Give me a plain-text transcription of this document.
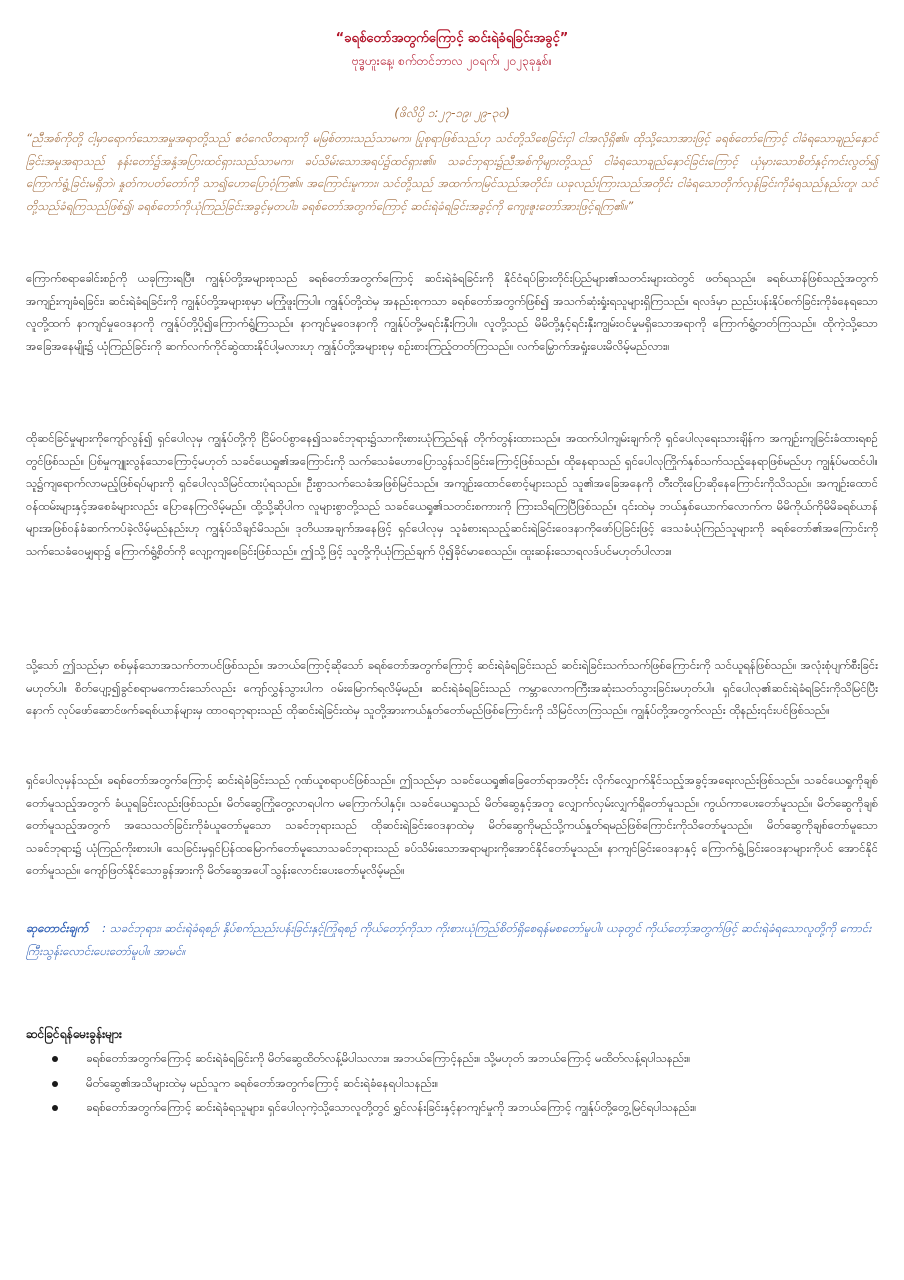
“ခရစ်တော်အတွက်ကြောင့် ဆင်းရဲခံရခြင်းအခွင့်”
ဗုဒ္ဓဟူးနေ့၊ စက်တင်ဘာလ ၂၀ရက်၊ ၂၀၂၃ခုနှစ်။
(ဖိလိပ္ပိ ၁:၂၇-၁၉၊ ၂၉-၃၀)
“ညီအစ်ကိုတို့ ငါ့မှာရောက်သောအမှုအရာတို့သည် ဧဝံဂေလိတရားကို မမြစ်တားသည်သာမက၊ ပြုစုရာဖြစ်သည်ဟု သင်တို့သိစေခြင်းငှါ ငါအလိုရှိ၏။ ထိုသို့သောအားဖြင့် ခရစ်တော်ကြောင့် ငါခံရသောချည်နှောင်ခြင်းအမှုအရာသည် နန်းတော်၌အနှံ့အပြားထင်ရှားသည်သာမက၊ ခပ်သိမ်းသောအရပ်၌ထင်ရှား၏။ သခင်ဘုရား၌ညီအစ်ကိုများတို့သည် ငါခံရသောချည်နှောင်ခြင်းကြောင့် ယုံမှားသောစိတ်နှင့်ကင်းလွတ်၍ ကြောက်ရွံ့ခြင်းမရှိဘဲ၊ နှုတ်ကပတ်တော်ကို သာ၍ဟောပြောဝံ့ကြ၏။ အကြောင်းမူကား၊ သင်တို့သည် အထက်ကမြင်သည်အတိုင်း၊ ယခုလည်းကြားသည်အတိုင်း ငါခံရသောတိုက်လှန်ခြင်းကိုခံရသည်နည်းတူ၊ သင်တို့သည်ခံရကြသည်ဖြစ်၍၊ ခရစ်တော်ကိုယုံကြည်ခြင်းအခွင့်မှတပါး၊ ခရစ်တော်အတွက်ကြောင့် ဆင်းရဲခံရခြင်းအခွင့်ကို ကျေးဇူးတော်အားဖြင့်ရကြ၏။”
ကြောက်စရာခေါင်းစဉ်ကို ယခုကြားရပြီ။ ကျွန်ုပ်တို့အများစုသည် ခရစ်တော်အတွက်ကြောင့် ဆင်းရဲခံရခြင်းကို နိုင်ငံရပ်ခြားတိုင်းပြည်များ၏သတင်းများထဲတွင် ဖတ်ရသည်။ ခရစ်ယာန်ဖြစ်သည့်အတွက် အကျဉ်းကျခံရခြင်း၊ ဆင်းရဲခံရခြင်းကို ကျွန်ုပ်တို့အများစုမှာ မကြုံဖူးကြပါ။ ကျွန်ုပ်တို့ထဲမှ အနည်းစုကသာ ခရစ်တော်အတွက်ဖြစ်၍ အသက်ဆုံးရှုံးရသူများရှိကြသည်။ ရလဒ်မှာ ညည်းပန်းနိုပ်စက်ခြင်းကိုခံနေရသောလူတို့ထက် နာကျင်မှုဝေဒနာကို ကျွန်ုပ်တို့ပို၍ကြောက်ရွံ့ကြသည်။ နာကျင်မှုဝေဒနာကို ကျွန်ုပ်တို့မရင်းနှီးကြပါ။ လူတို့သည် မိမိတို့နှင့်ရင်းနှီးကျွမ်းဝင်မှုမရှိသောအရာကို ကြောက်ရွံ့တတ်ကြသည်။ ထိုကဲ့သို့သောအခြေအနေမျိုး၌ ယုံကြည်ခြင်းကို ဆက်လက်ကိုင်ဆွဲထားနိုင်ပါ့မလားဟု ကျွန်ုပ်တို့အများစုမှ စဉ်းစားကြည့်တတ်ကြသည်။ လက်မြှောက်အရှုံးပေးမိလိမ့်မည်လား။
ထိုဆင်ခြင်မှုများကိုကျော်လွန်၍ ရှင်ပေါလုမှ ကျွန်ုပ်တို့ကို ငြိမ်ဝပ်စွာနေ၍သခင်ဘုရား၌သာကိုးစားယုံကြည်ရန် တိုက်တွန်းထားသည်။ အထက်ပါကျမ်းချက်ကို ရှင်ပေါလုရေးသားချိန်က အကျဉ်းကျခြင်းခံထားရစဉ်တွင်ဖြစ်သည်။ ပြစ်မှုကျူးလွန်သောကြောင့်မဟုတ် သခင်ယေရှု၏အကြောင်းကို သက်သေခံဟောပြောသွန်သင်ခြင်းကြောင့်ဖြစ်သည်။ ထိုနေရာသည် ရှင်ပေါလုကြိုက်နှစ်သက်သည့်နေရာဖြစ်မည်ဟု ကျွန်ုပ်မထင်ပါ။ သူ၌ကျရောက်လာမည့်ဖြစ်ရပ်များကို ရှင်ပေါလုသိမြင်ထားပုံရသည်။ ဦးစွာသက်သေခံအဖြစ်မြင်သည်။ အကျဉ်းထောင်စောင့်များသည် သူ၏အခြေအနေကို တီးတိုးပြောဆိုနေကြောင်းကိုသိသည်။ အကျဉ်းထောင်ဝန်ထမ်းများနှင့်အစေခံများလည်း ပြောနေကြလိမ့်မည်။ ထို့သို့ဆိုပါက လူများစွာတို့သည် သခင်ယေရှု၏သတင်းစကားကို ကြားသိရကြပြီဖြစ်သည်။ ၎င်းထဲမှ ဘယ်နှစ်ယောက်လောက်က မိမိကိုယ်ကိုမိမိခရစ်ယာန်များအဖြစ်ဝန်ခံဆက်ကပ်ခဲ့လိမ့်မည်နည်းဟု ကျွန်ုပ်သိချင်မိသည်။ ဒုတိယအချက်အနေဖြင့် ရှင်ပေါလုမှ သူခံစားရသည့်ဆင်းရဲခြင်းဝေဒနာကိုဖော်ပြခြင်းဖြင့် ဒေသခံယုံကြည်သူများကို ခရစ်တော်၏အကြောင်းကိုသက်သေခံဝေမျှရာ၌ ကြောက်ရွံ့စိတ်ကို လျော့ကျစေခြင်းဖြစ်သည်။ ဤသို့ဖြင့် သူတို့ကိုယုံကြည်ချက် ပို၍ခိုင်မာစေသည်။ ထူးဆန်းသောရလဒ်ပင်မဟုတ်ပါလား။
သို့သော် ဤသည်မှာ စစ်မှန်သောအသက်တာပင်ဖြစ်သည်။ အဘယ်ကြောင့်ဆိုသော် ခရစ်တော်အတွက်ကြောင့် ဆင်းရဲခံရခြင်းသည် ဆင်းရဲခြင်းသက်သက်ဖြစ်ကြောင်းကို သင်ယူရန်ဖြစ်သည်။ အလုံးစုံပျက်စီးခြင်းမဟုတ်ပါ။ စိတ်ပျော့၍ခွင်စရာမကောင်းသော်လည်း ကျော်လွှန်သွားပါက ဝမ်းမြောက်ရလိမ့်မည်။ ဆင်းရဲခံရခြင်းသည် ကမ္ဘာလောကကြီးအဆုံးသတ်သွားခြင်းမဟုတ်ပါ။ ရှင်ပေါလု၏ဆင်းရဲခံရခြင်းကိုသိမြင်ပြီးနောက် လုပ်ဖော်ဆောင်ဖက်ခရစ်ယာန်များမှ ထာဝရဘုရားသည် ထိုဆင်းရဲခြင်းထဲမှ သူတို့အားကယ်နှုတ်တော်မည်ဖြစ်ကြောင်းကို သိမြင်လာကြသည်။ ကျွန်ုပ်တို့အတွက်လည်း ထိုနည်း၎င်းပင်ဖြစ်သည်။
ရှင်ပေါလုမှန်သည်။ ခရစ်တော်အတွက်ကြောင့် ဆင်းရဲခံခြင်းသည် ဂုဏ်ယူစရာပင်ဖြစ်သည်။ ဤသည်မှာ သခင်ယေရှု၏ခြေတော်ရာအတိုင်း လိုက်လျှောက်နိုင်သည့်အခွင့်အရေးလည်းဖြစ်သည်။ သခင်ယေရှုကိုချစ်တော်မူသည့်အတွက် ခံယူရခြင်းလည်းဖြစ်သည်။ မိတ်ဆွေကြုံတွေ့လာရပါက မကြောက်ပါနှင့်။ သခင်ယေရှုသည် မိတ်ဆွေနှင့်အတူ လျှောက်လှမ်းလျှက်ရှိတော်မူသည်။ ကွယ်ကာပေးတော်မူသည်။ မိတ်ဆွေကိုချစ်တော်မူသည့်အတွက် အသေသတ်ခြင်းကိုခံယူတော်မူသော သခင်ဘုရားသည် ထိုဆင်းရဲခြင်းဝေဒနာထဲမှ မိတ်ဆွေကိုမည်သို့ကယ်နှုတ်ရမည်ဖြစ်ကြောင်းကိုသိတော်မူသည်။ မိတ်ဆွေကိုချစ်တော်မူသော သခင်ဘုရား၌ ယုံကြည်ကိုးစားပါ။ သေခြင်းမှရှင်ပြန်ထမြောက်တော်မူသောသခင်ဘုရားသည် ခပ်သိမ်းသောအရာများကိုအောင်နိုင်တော်မူသည်။ နာကျင်ခြင်းဝေဒနာနှင့် ကြောက်ရွံ့ခြင်းဝေဒနာများကိုပင် အောင်နိုင်တော်မူသည်။ ကျော်ဖြတ်နိုင်သောခွန်အားကို မိတ်ဆွေအပေါ်သွန်းလောင်းပေးတော်မူလိမ့်မည်။
ဆုတောင်းချက် : သခင်ဘုရား၊ ဆင်းရဲခံရစဉ်၊ နှိပ်စက်ညည်းပန်းခြင်းနှင့်ကြုံရစဉ် ကိုယ်တော့်ကိုသာ ကိုးစားယုံကြည်စိတ်ရှိစေရန်မစတော်မူပါ။ ယခုတွင် ကိုယ်တော့်အတွက်ဖြင့် ဆင်းရဲခံရသောလူတို့ကို ကောင်းကြီးသွန်းလောင်းပေးတော်မူပါ။ အာမင်။
ဆင်ခြင်ရန်မေးခွန်းများ
ခရစ်တော်အတွက်ကြောင့် ဆင်းရဲခံရခြင်းကို မိတ်ဆွေထိတ်လန့်မိပါသလား။ အဘယ်ကြောင့်နည်း။ သို့မဟုတ် အဘယ်ကြောင့် မထိတ်လန့်ရပါသနည်း။
မိတ်ဆွေ၏အသိများထဲမှ မည်သူက ခရစ်တော်အတွက်ကြောင့် ဆင်းရဲခံနေရပါသနည်း။
ခရစ်တော်အတွက်ကြောင့် ဆင်းရဲခံရသူများ၊ ရှင်ပေါလုကဲ့သို့သောလူတို့တွင် ရွှင်လန်းခြင်းနှင့်နာကျင်မှုကို အဘယ်ကြောင့် ကျွန်ုပ်တို့တွေ့မြင်ရပါသနည်း။
